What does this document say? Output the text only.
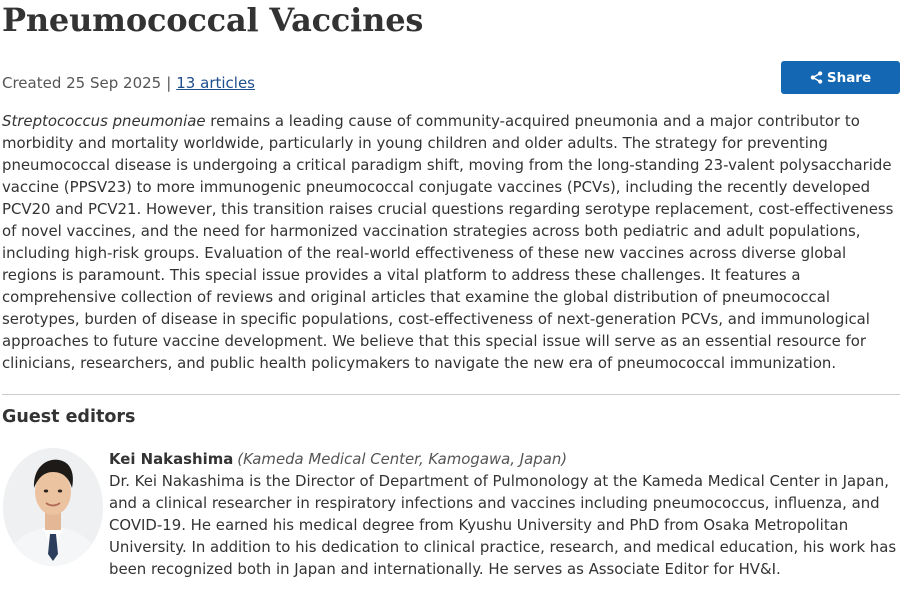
Pneumococcal Vaccines
Created 25 Sep 2025 | 13 articles	Share

Streptococcus pneumoniae remains a leading cause of community-acquired pneumonia and a major contributor to morbidity and mortality worldwide, particularly in young children and older adults. The strategy for preventing pneumococcal disease is undergoing a critical paradigm shift, moving from the long-standing 23-valent polysaccharide vaccine (PPSV23) to more immunogenic pneumococcal conjugate vaccines (PCVs), including the recently developed PCV20 and PCV21. However, this transition raises crucial questions regarding serotype replacement, cost-effectiveness of novel vaccines, and the need for harmonized vaccination strategies across both pediatric and adult populations, including high-risk groups. Evaluation of the real-world effectiveness of these new vaccines across diverse global regions is paramount. This special issue provides a vital platform to address these challenges. It features a comprehensive collection of reviews and original articles that examine the global distribution of pneumococcal serotypes, burden of disease in specific populations, cost-effectiveness of next-generation PCVs, and immunological approaches to future vaccine development. We believe that this special issue will serve as an essential resource for clinicians, researchers, and public health policymakers to navigate the new era of pneumococcal immunization.

Guest editors
Kei Nakashima (Kameda Medical Center, Kamogawa, Japan)

Dr. Kei Nakashima is the Director of Department of Pulmonology at the Kameda Medical Center in Japan, and a clinical researcher in respiratory infections and vaccines including pneumococcus, influenza, and COVID-19. He earned his medical degree from Kyushu University and PhD from Osaka Metropolitan University. In addition to his dedication to clinical practice, research, and medical education, his work has been recognized both in Japan and internationally. He serves as Associate Editor for HV&I.
